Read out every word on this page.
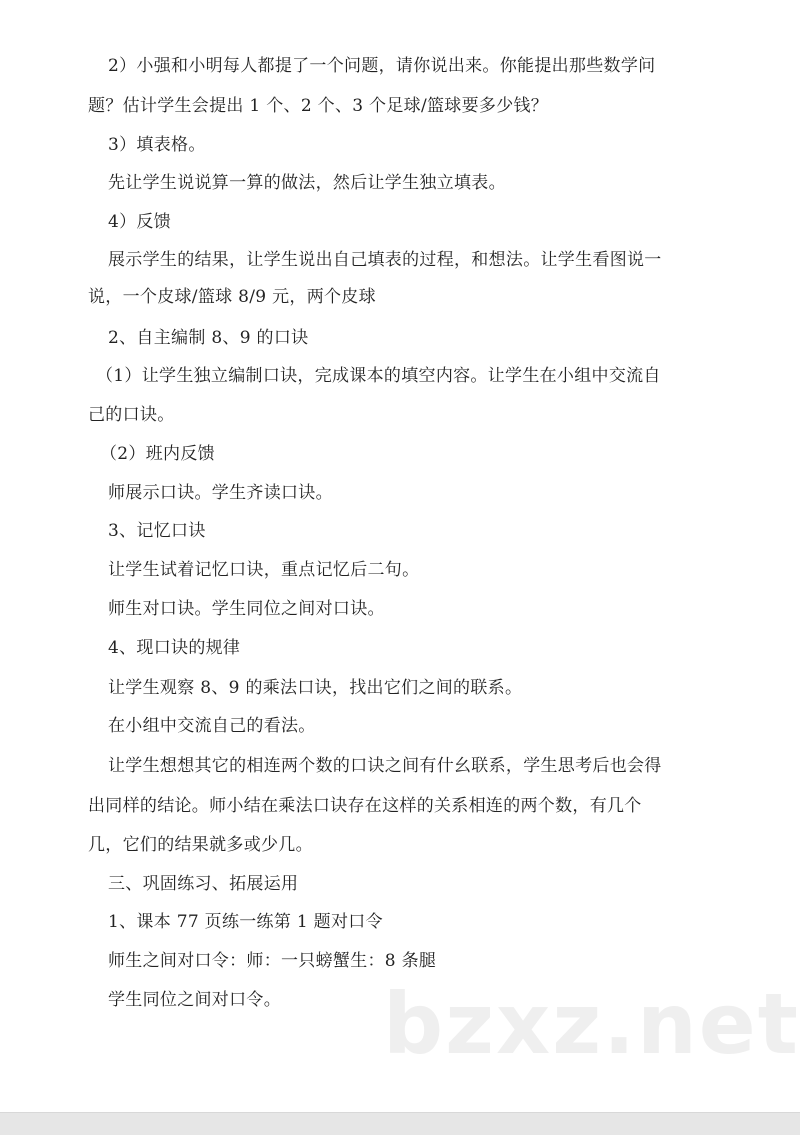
2）小强和小明每人都提了一个问题，请你说出来。你能提出那些数学问
题？估计学生会提出 1 个、2 个、3 个足球/篮球要多少钱？
3）填表格。
先让学生说说算一算的做法，然后让学生独立填表。
4）反馈
展示学生的结果，让学生说出自己填表的过程，和想法。让学生看图说一
说，一个皮球/篮球 8/9 元，两个皮球
2、自主编制 8、9 的口诀
（1）让学生独立编制口诀，完成课本的填空内容。让学生在小组中交流自
己的口诀。
（2）班内反馈
师展示口诀。学生齐读口诀。
3、记忆口诀
让学生试着记忆口诀，重点记忆后二句。
师生对口诀。学生同位之间对口诀。
4、现口诀的规律
让学生观察 8、9 的乘法口诀，找出它们之间的联系。
在小组中交流自己的看法。
让学生想想其它的相连两个数的口诀之间有什幺联系，学生思考后也会得
出同样的结论。师小结在乘法口诀存在这样的关系相连的两个数，有几个
几，它们的结果就多或少几。
三、巩固练习、拓展运用
1、课本 77 页练一练第 1 题对口令
师生之间对口令：师：一只螃蟹生：8 条腿
学生同位之间对口令。 bzxz.net
